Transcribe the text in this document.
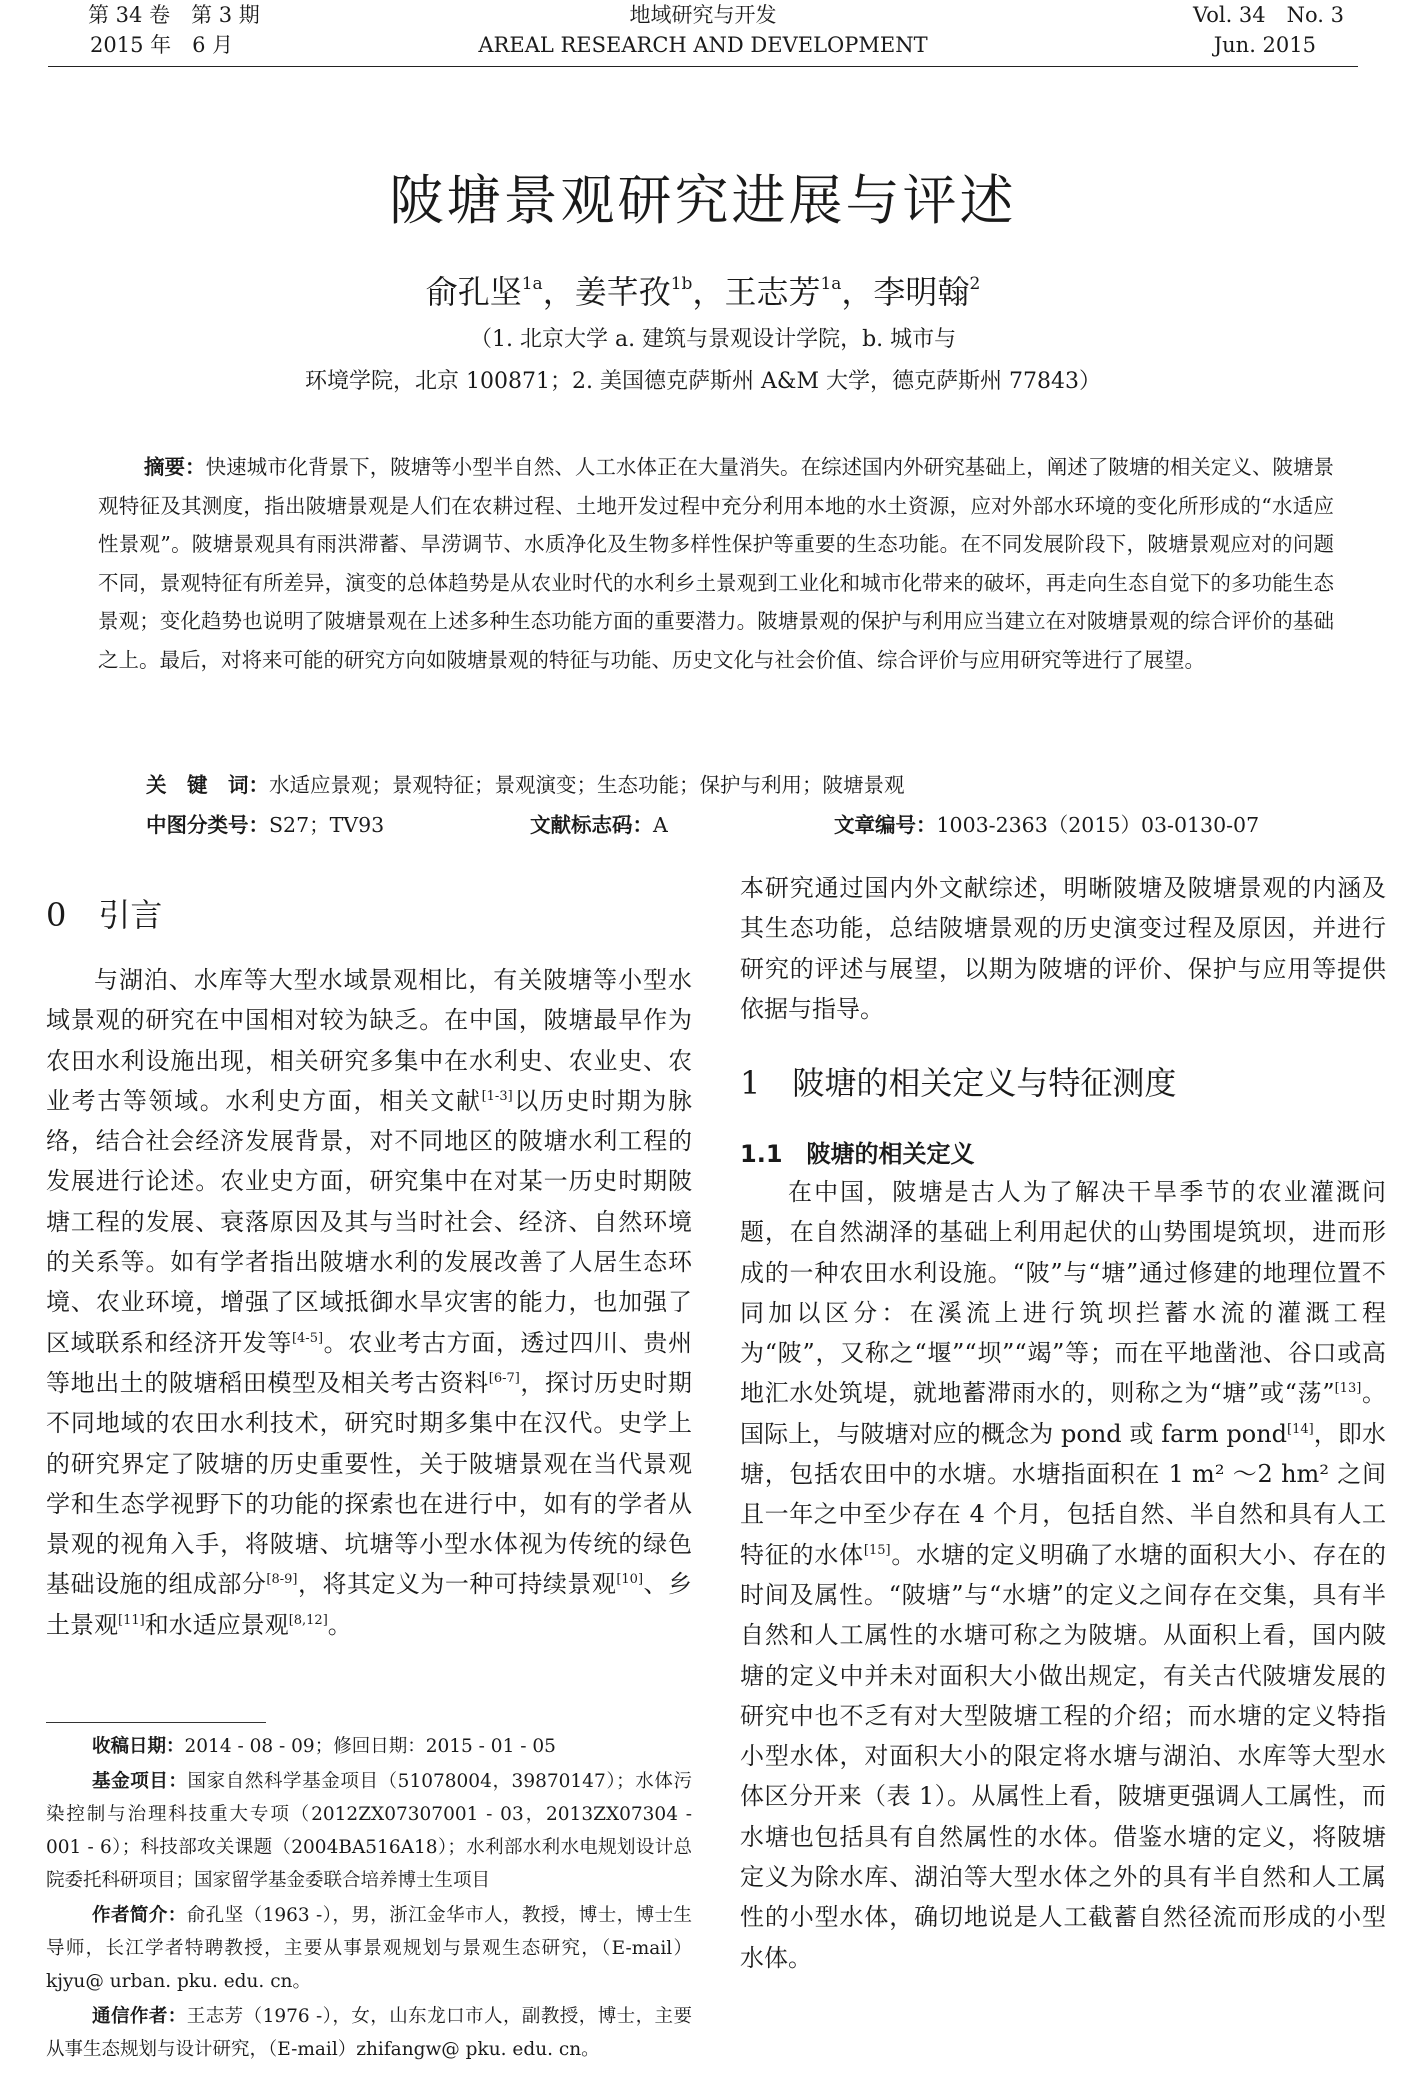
第 34 卷　第 3 期
2015 年　6 月
地域研究与开发
AREAL RESEARCH AND DEVELOPMENT
Vol. 34　No. 3
Jun. 2015
陂塘景观研究进展与评述
俞孔坚$^{1a}$，姜芊孜$^{1b}$，王志芳$^{1a}$，李明翰$^2$
（1. 北京大学 a. 建筑与景观设计学院，b. 城市与
环境学院，北京 100871；2. 美国德克萨斯州 A&M 大学，德克萨斯州 77843）
摘要：快速城市化背景下，陂塘等小型半自然、人工水体正在大量消失。在综述国内外研究基础上，阐述了陂塘的相关定义、陂塘景观特征及其测度，指出陂塘景观是人们在农耕过程、土地开发过程中充分利用本地的水土资源，应对外部水环境的变化所形成的“水适应性景观”。陂塘景观具有雨洪滞蓄、旱涝调节、水质净化及生物多样性保护等重要的生态功能。在不同发展阶段下，陂塘景观应对的问题不同，景观特征有所差异，演变的总体趋势是从农业时代的水利乡土景观到工业化和城市化带来的破坏，再走向生态自觉下的多功能生态景观；变化趋势也说明了陂塘景观在上述多种生态功能方面的重要潜力。陂塘景观的保护与利用应当建立在对陂塘景观的综合评价的基础之上。最后，对将来可能的研究方向如陂塘景观的特征与功能、历史文化与社会价值、综合评价与应用研究等进行了展望。
关　键　词：水适应景观；景观特征；景观演变；生态功能；保护与利用；陂塘景观
中图分类号：S27；TV93	文献标志码：A	文章编号：1003-2363（2015）03-0130-07
0　引言

与湖泊、水库等大型水域景观相比，有关陂塘等小型水域景观的研究在中国相对较为缺乏。在中国，陂塘最早作为农田水利设施出现，相关研究多集中在水利史、农业史、农业考古等领域。水利史方面，相关文献[1-3]以历史时期为脉络，结合社会经济发展背景，对不同地区的陂塘水利工程的发展进行论述。农业史方面，研究集中在对某一历史时期陂塘工程的发展、衰落原因及其与当时社会、经济、自然环境的关系等。如有学者指出陂塘水利的发展改善了人居生态环境、农业环境，增强了区域抵御水旱灾害的能力，也加强了区域联系和经济开发等[4-5]。农业考古方面，透过四川、贵州等地出土的陂塘稻田模型及相关考古资料[6-7]，探讨历史时期不同地域的农田水利技术，研究时期多集中在汉代。史学上的研究界定了陂塘的历史重要性，关于陂塘景观在当代景观学和生态学视野下的功能的探索也在进行中，如有的学者从景观的视角入手，将陂塘、坑塘等小型水体视为传统的绿色基础设施的组成部分[8-9]，将其定义为一种可持续景观[10]、乡土景观[11]和水适应景观[8,12]。

本研究通过国内外文献综述，明晰陂塘及陂塘景观的内涵及其生态功能，总结陂塘景观的历史演变过程及原因，并进行研究的评述与展望，以期为陂塘的评价、保护与应用等提供依据与指导。

1　陂塘的相关定义与特征测度
1.1　陂塘的相关定义

在中国，陂塘是古人为了解决干旱季节的农业灌溉问题，在自然湖泽的基础上利用起伏的山势围堤筑坝，进而形成的一种农田水利设施。“陂”与“塘”通过修建的地理位置不同加以区分：在溪流上进行筑坝拦蓄水流的灌溉工程为“陂”，又称之“堰”“坝”“竭”等；而在平地凿池、谷口或高地汇水处筑堤，就地蓄滞雨水的，则称之为“塘”或“荡”[13]。国际上，与陂塘对应的概念为 pond 或 farm pond[14]，即水塘，包括农田中的水塘。水塘指面积在 1 m² ～2 hm² 之间且一年之中至少存在 4 个月，包括自然、半自然和具有人工特征的水体[15]。水塘的定义明确了水塘的面积大小、存在的时间及属性。“陂塘”与“水塘”的定义之间存在交集，具有半自然和人工属性的水塘可称之为陂塘。从面积上看，国内陂塘的定义中并未对面积大小做出规定，有关古代陂塘发展的研究中也不乏有对大型陂塘工程的介绍；而水塘的定义特指小型水体，对面积大小的限定将水塘与湖泊、水库等大型水体区分开来（表 1）。从属性上看，陂塘更强调人工属性，而水塘也包括具有自然属性的水体。借鉴水塘的定义，将陂塘定义为除水库、湖泊等大型水体之外的具有半自然和人工属性的小型水体，确切地说是人工截蓄自然径流而形成的小型水体。

收稿日期：2014 - 08 - 09；修回日期：2015 - 01 - 05

基金项目：国家自然科学基金项目（51078004，39870147）；水体污染控制与治理科技重大专项（2012ZX07307001 - 03，2013ZX07304 - 001 - 6）；科技部攻关课题（2004BA516A18）；水利部水利水电规划设计总院委托科研项目；国家留学基金委联合培养博士生项目

作者简介：俞孔坚（1963 -），男，浙江金华市人，教授，博士，博士生导师，长江学者特聘教授，主要从事景观规划与景观生态研究，（E-mail）kjyu@ urban. pku. edu. cn。

通信作者：王志芳（1976 -），女，山东龙口市人，副教授，博士，主要从事生态规划与设计研究，（E-mail）zhifangw@ pku. edu. cn。
